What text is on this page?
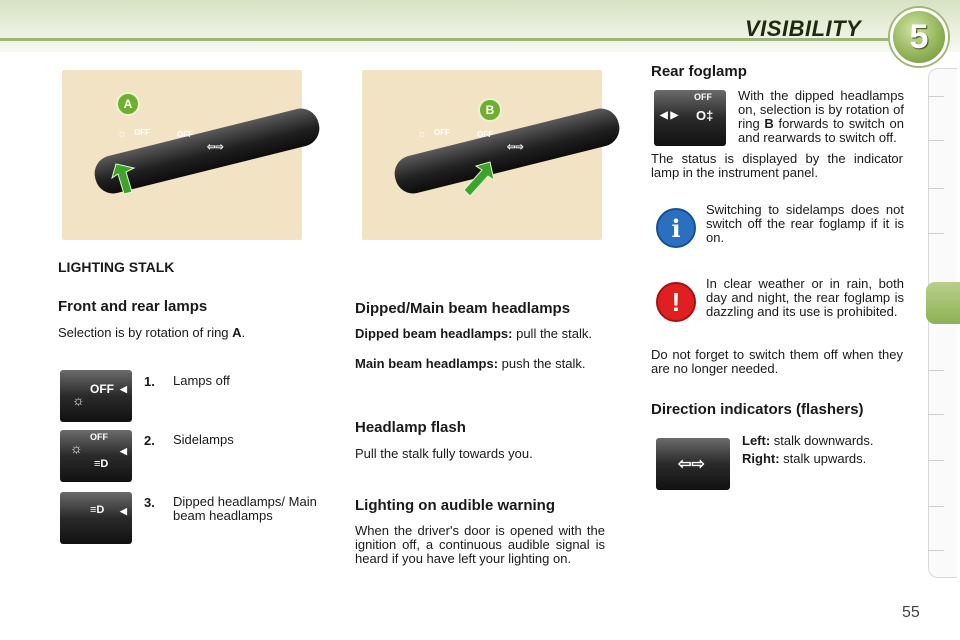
VISIBILITY 5
OFF	OFF
☼
⇦⇨
A
OFF	OFF
☼
⇦⇨
B
LIGHTING STALK
Front and rear lamps
Selection is by rotation of ring A.
OFF
☼
◀ 1. Lamps off
OFF
☼
≡D
◀
2. Sidelamps
≡D ◀
3. Dipped headlamps/ Main beam headlamps
Dipped/Main beam headlamps
Dipped beam headlamps: pull the stalk.
Main beam headlamps: push the stalk.
Headlamp flash
Pull the stalk fully towards you.
Lighting on audible warning
When the driver's door is opened with the ignition off, a continuous audible signal is heard if you have left your lighting on.
Rear foglamp
OFF
◀ ▶ O‡
With the dipped headlamps on, selection is by rotation of ring B forwards to switch on and rearwards to switch off.
The status is displayed by the indicator lamp in the instrument panel.
i
Switching to sidelamps does not switch off the rear foglamp if it is on.
!
In clear weather or in rain, both day and night, the rear foglamp is dazzling and its use is prohibited.
Do not forget to switch them off when they are no longer needed.
Direction indicators (flashers)
⇦⇨
Left: stalk downwards.
Right: stalk upwards.
55
